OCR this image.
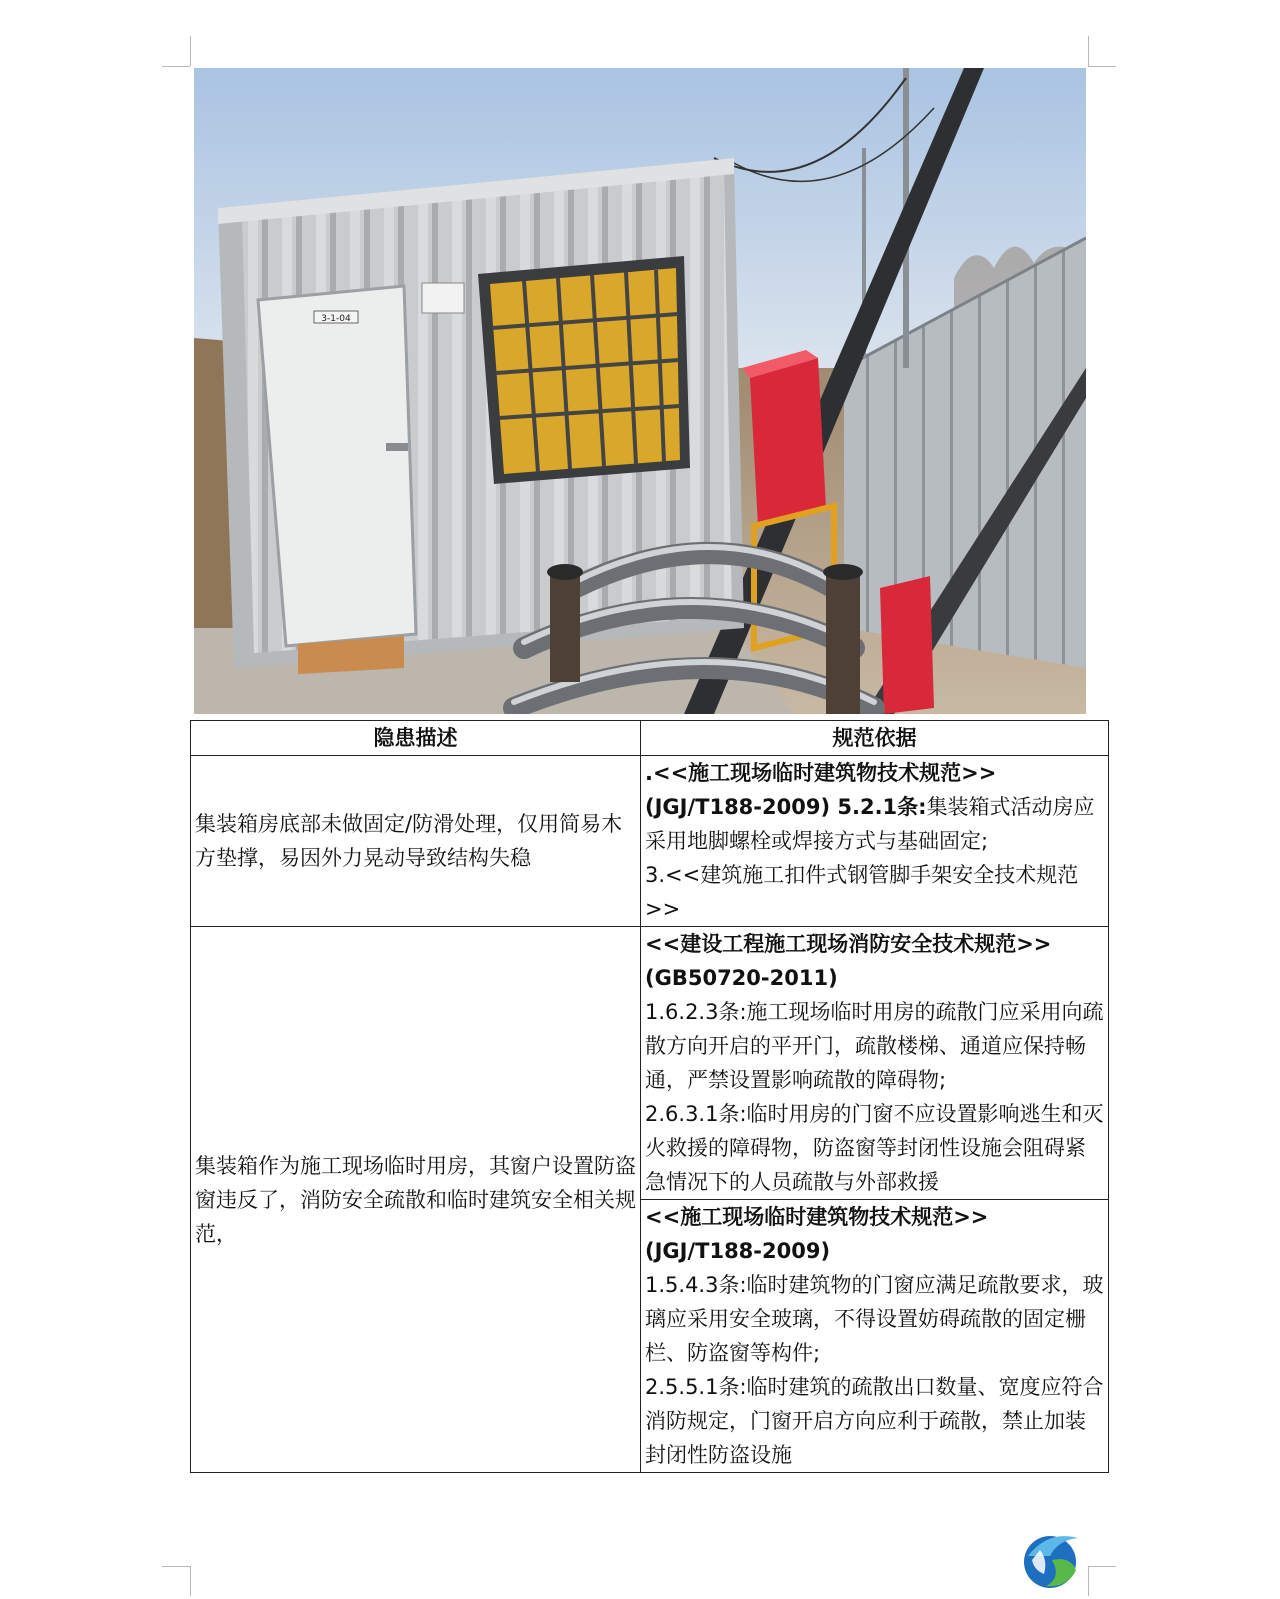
3-1-04
隐患描述	规范依据
集装箱房底部未做固定/防滑处理，仅用简易木方垫撑，易因外力晃动导致结构失稳	.<<施工现场临时建筑物技术规范>>(JGJ/T188-2009) 5.2.1条:集装箱式活动房应采用地脚螺栓或焊接方式与基础固定;
3.<<建筑施工扣件式钢管脚手架安全技术规范>>

集装箱作为施工现场临时用房，其窗户设置防盗窗违反了，消防安全疏散和临时建筑安全相关规范，	<<建设工程施工现场消防安全技术规范>>(GB50720-2011)
1.6.2.3条:施工现场临时用房的疏散门应采用向疏散方向开启的平开门，疏散楼梯、通道应保持畅通，严禁设置影响疏散的障碍物;
2.6.3.1条:临时用房的门窗不应设置影响逃生和灭火救援的障碍物，防盗窗等封闭性设施会阻碍紧急情况下的人员疏散与外部救援

	<<施工现场临时建筑物技术规范>>(JGJ/T188-2009)
1.5.4.3条:临时建筑物的门窗应满足疏散要求，玻璃应采用安全玻璃，不得设置妨碍疏散的固定栅栏、防盗窗等构件;
2.5.5.1条:临时建筑的疏散出口数量、宽度应符合消防规定，门窗开启方向应利于疏散，禁止加装封闭性防盗设施
